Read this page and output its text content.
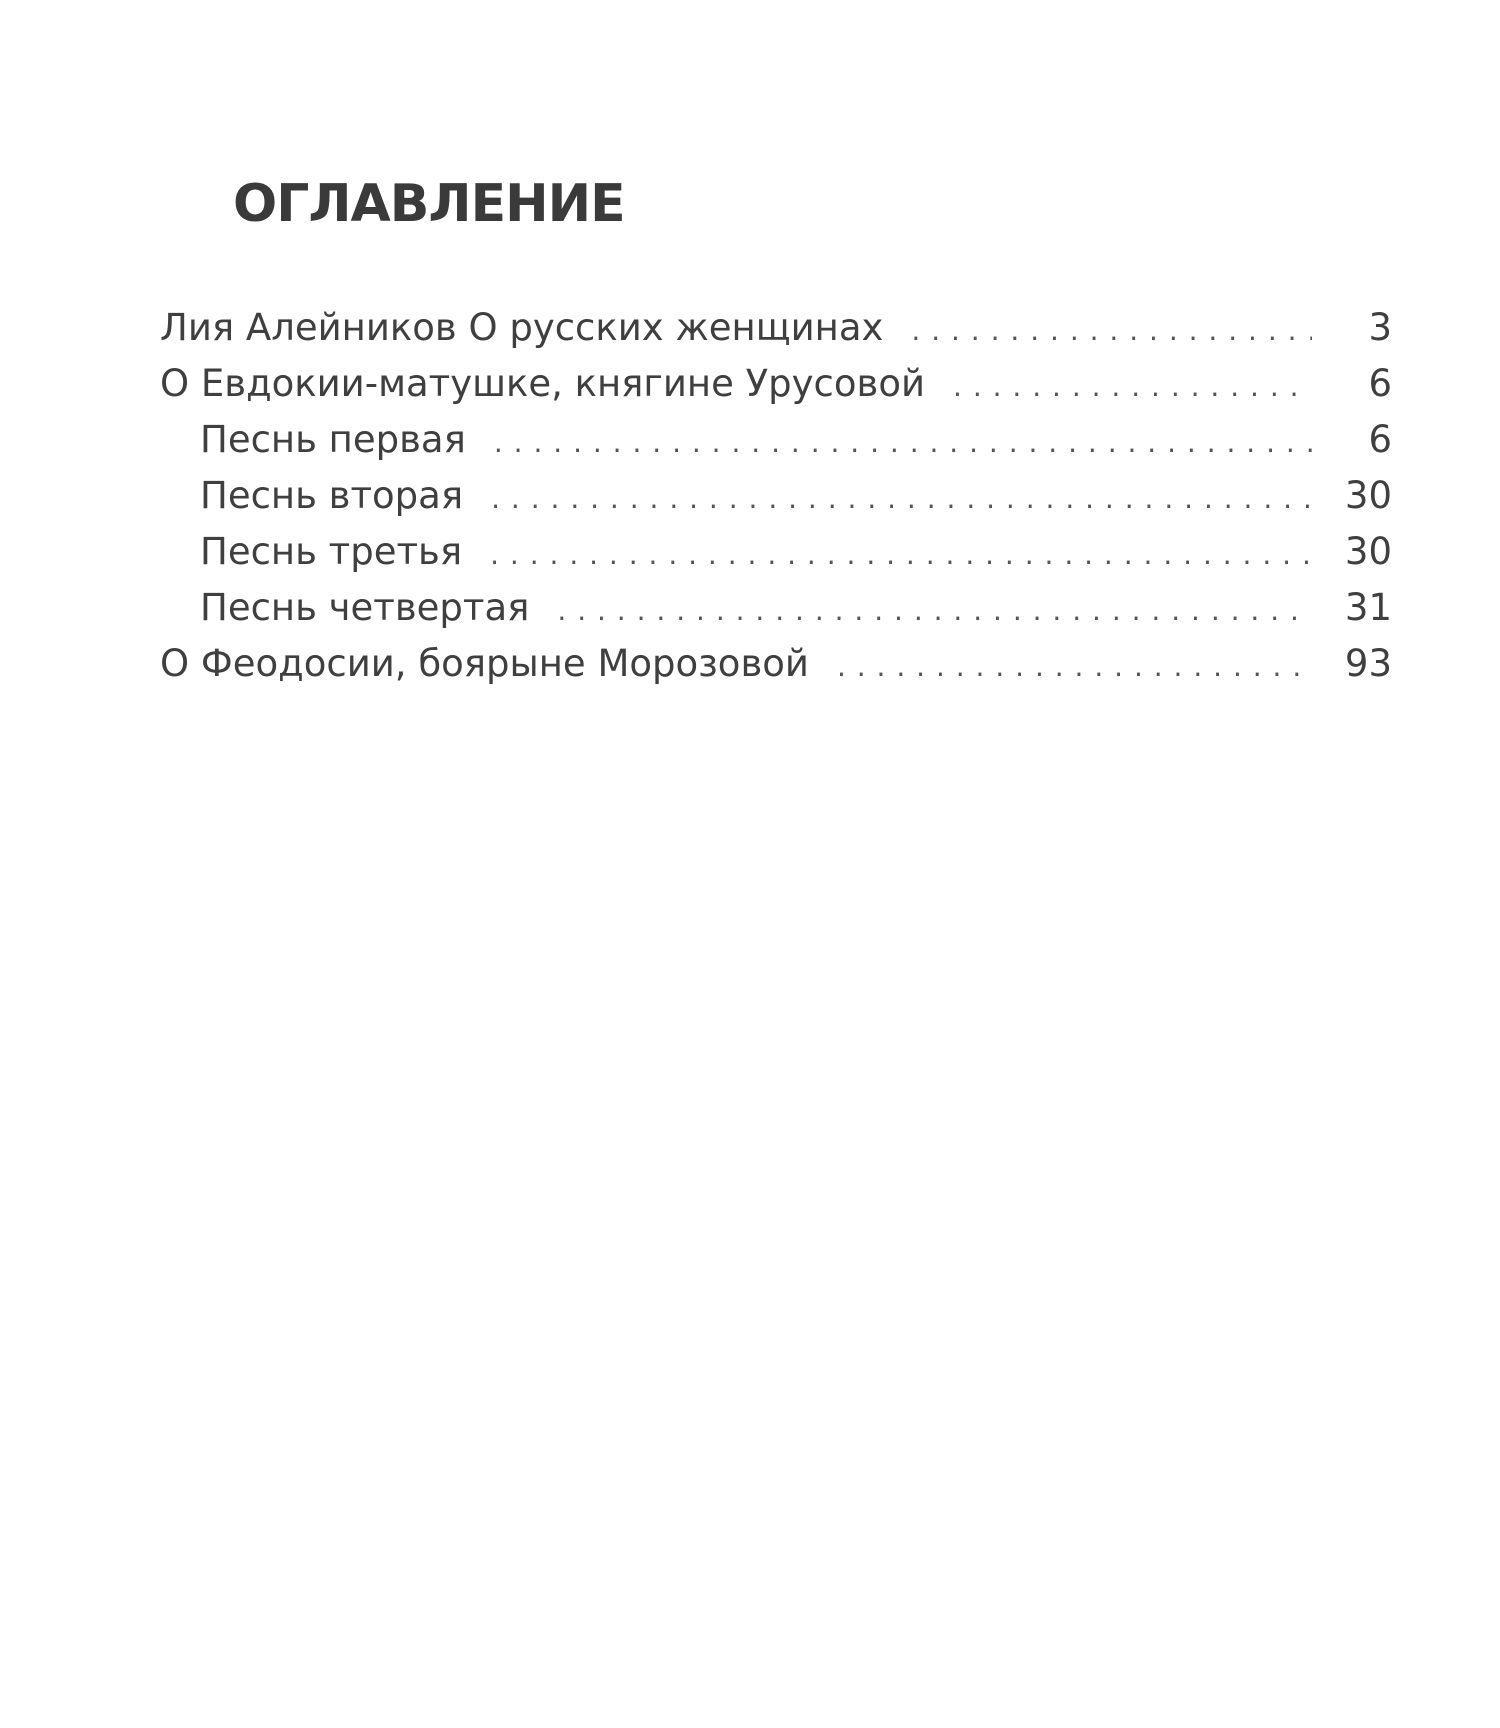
ОГЛАВЛЕНИЕ
Лия Алейников О русских женщинах . . .	3
О Евдокии-матушке, княгине Урусовой . . .	6
Песнь первая . . .	6
Песнь вторая . . .	30
Песнь третья . . .	30
Песнь четвертая . . .	31
О Феодосии, боярыне Морозовой . . .	93
